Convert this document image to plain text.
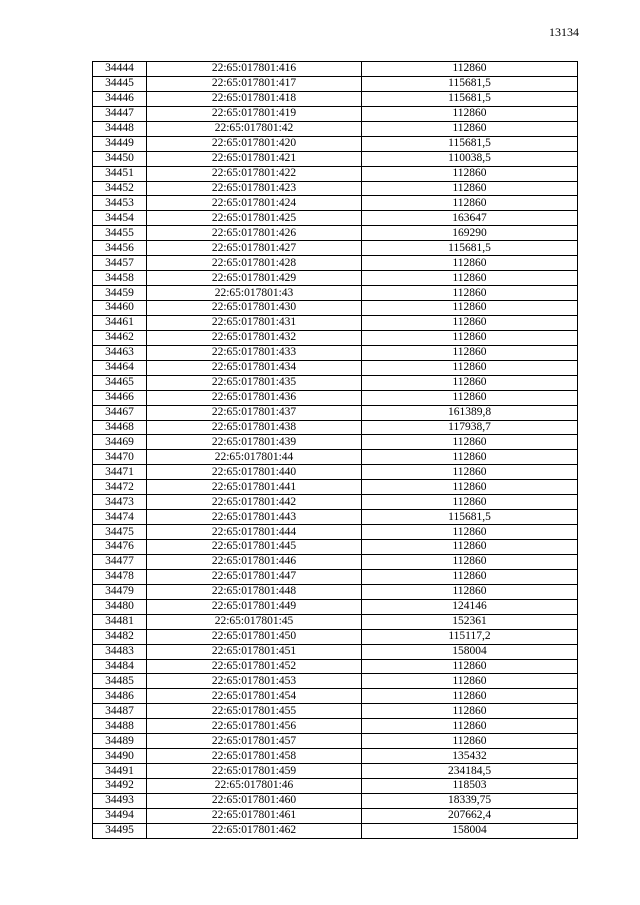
13134
34444	22:65:017801:416	112860
34445	22:65:017801:417	115681,5
34446	22:65:017801:418	115681,5
34447	22:65:017801:419	112860
34448	22:65:017801:42	112860
34449	22:65:017801:420	115681,5
34450	22:65:017801:421	110038,5
34451	22:65:017801:422	112860
34452	22:65:017801:423	112860
34453	22:65:017801:424	112860
34454	22:65:017801:425	163647
34455	22:65:017801:426	169290
34456	22:65:017801:427	115681,5
34457	22:65:017801:428	112860
34458	22:65:017801:429	112860
34459	22:65:017801:43	112860
34460	22:65:017801:430	112860
34461	22:65:017801:431	112860
34462	22:65:017801:432	112860
34463	22:65:017801:433	112860
34464	22:65:017801:434	112860
34465	22:65:017801:435	112860
34466	22:65:017801:436	112860
34467	22:65:017801:437	161389,8
34468	22:65:017801:438	117938,7
34469	22:65:017801:439	112860
34470	22:65:017801:44	112860
34471	22:65:017801:440	112860
34472	22:65:017801:441	112860
34473	22:65:017801:442	112860
34474	22:65:017801:443	115681,5
34475	22:65:017801:444	112860
34476	22:65:017801:445	112860
34477	22:65:017801:446	112860
34478	22:65:017801:447	112860
34479	22:65:017801:448	112860
34480	22:65:017801:449	124146
34481	22:65:017801:45	152361
34482	22:65:017801:450	115117,2
34483	22:65:017801:451	158004
34484	22:65:017801:452	112860
34485	22:65:017801:453	112860
34486	22:65:017801:454	112860
34487	22:65:017801:455	112860
34488	22:65:017801:456	112860
34489	22:65:017801:457	112860
34490	22:65:017801:458	135432
34491	22:65:017801:459	234184,5
34492	22:65:017801:46	118503
34493	22:65:017801:460	18339,75
34494	22:65:017801:461	207662,4
34495	22:65:017801:462	158004
